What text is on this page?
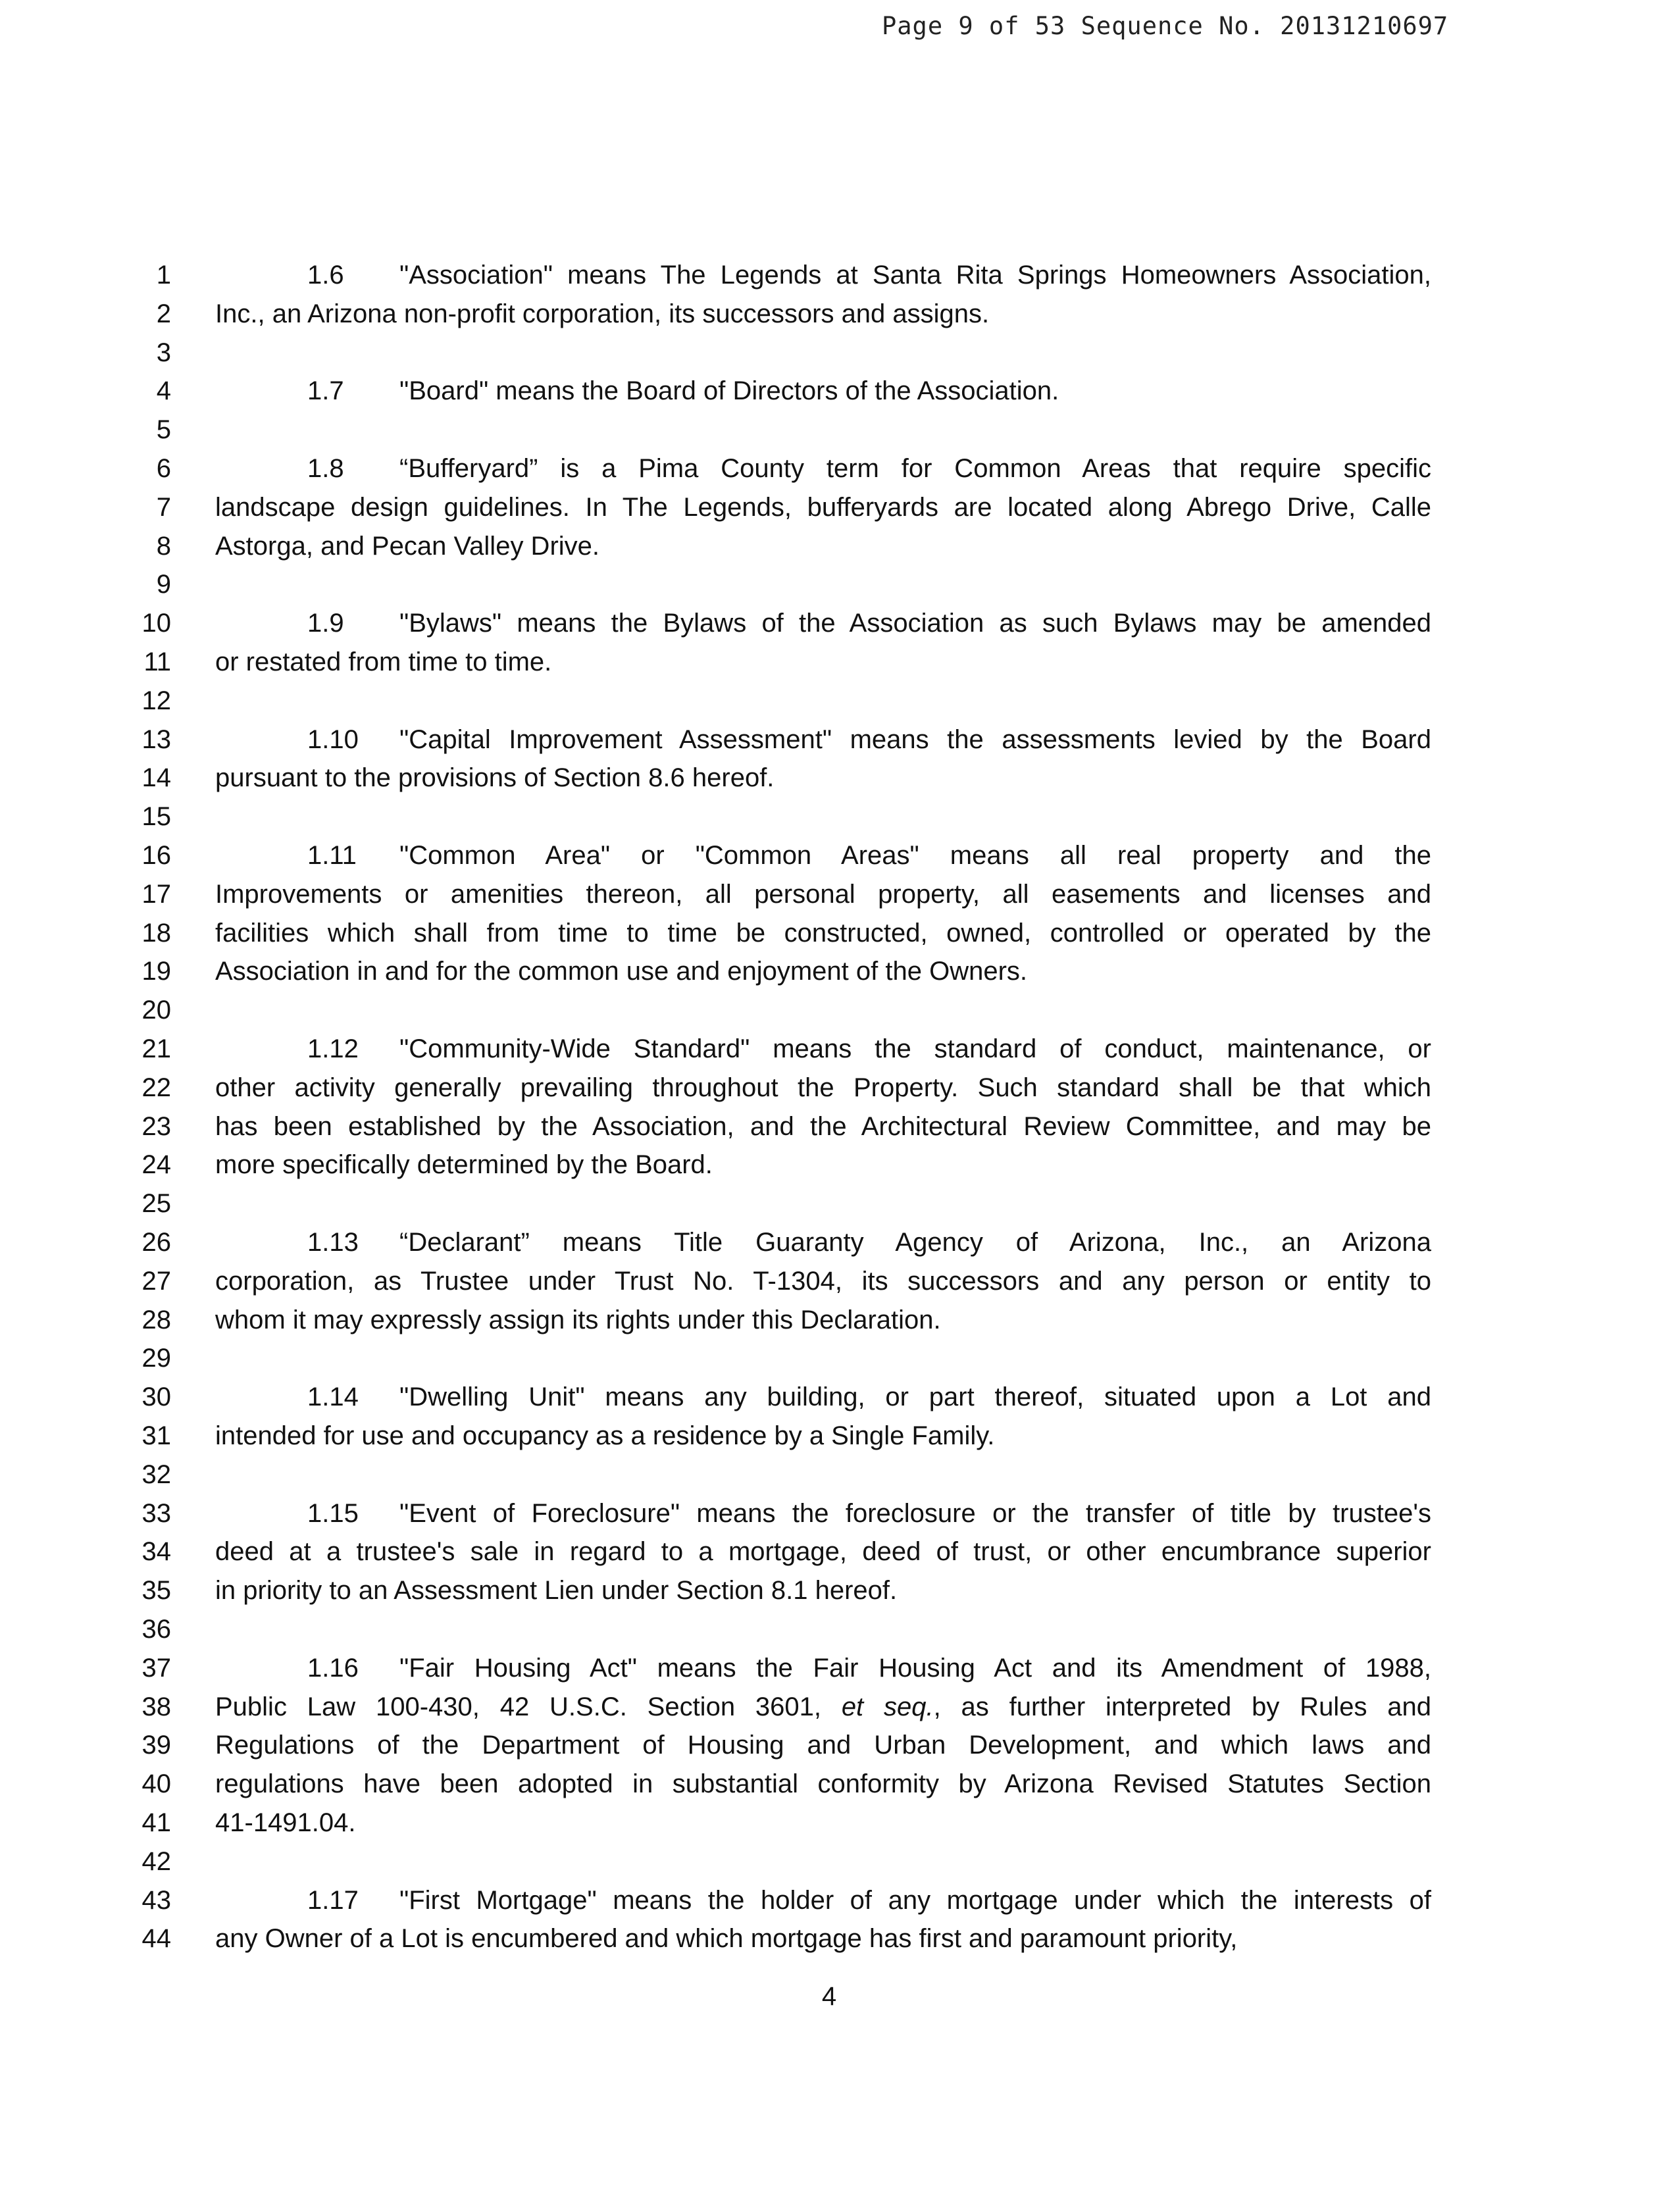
Page 9 of 53 Sequence No. 20131210697
1	1.6 "Association" means The Legends at Santa Rita Springs Homeowners Association,
2 Inc., an Arizona non-profit corporation, its successors and assigns.
3
4	1.7 "Board" means the Board of Directors of the Association.
5
6	1.8 “Bufferyard” is a Pima County term for Common Areas that require specific
7 landscape design guidelines. In The Legends, bufferyards are located along Abrego Drive, Calle
8 Astorga, and Pecan Valley Drive.
9
10	1.9 "Bylaws" means the Bylaws of the Association as such Bylaws may be amended
11 or restated from time to time.
12
13	1.10 "Capital Improvement Assessment" means the assessments levied by the Board
14 pursuant to the provisions of Section 8.6 hereof.
15
16	1.11 "Common Area" or "Common Areas" means all real property and the
17 Improvements or amenities thereon, all personal property, all easements and licenses and
18 facilities which shall from time to time be constructed, owned, controlled or operated by the
19 Association in and for the common use and enjoyment of the Owners.
20
21	1.12 "Community-Wide Standard" means the standard of conduct, maintenance, or
22 other activity generally prevailing throughout the Property. Such standard shall be that which
23 has been established by the Association, and the Architectural Review Committee, and may be
24 more specifically determined by the Board.
25
26	1.13 “Declarant” means Title Guaranty Agency of Arizona, Inc., an Arizona
27 corporation, as Trustee under Trust No. T-1304, its successors and any person or entity to
28 whom it may expressly assign its rights under this Declaration.
29
30	1.14 "Dwelling Unit" means any building, or part thereof, situated upon a Lot and
31 intended for use and occupancy as a residence by a Single Family.
32
33	1.15 "Event of Foreclosure" means the foreclosure or the transfer of title by trustee's
34 deed at a trustee's sale in regard to a mortgage, deed of trust, or other encumbrance superior
35 in priority to an Assessment Lien under Section 8.1 hereof.
36
37	1.16 "Fair Housing Act" means the Fair Housing Act and its Amendment of 1988,
38 Public Law 100-430, 42 U.S.C. Section 3601, et seq., as further interpreted by Rules and
39 Regulations of the Department of Housing and Urban Development, and which laws and
40 regulations have been adopted in substantial conformity by Arizona Revised Statutes Section
41 41-1491.04.
42
43	1.17 "First Mortgage" means the holder of any mortgage under which the interests of
44 any Owner of a Lot is encumbered and which mortgage has first and paramount priority,
4
